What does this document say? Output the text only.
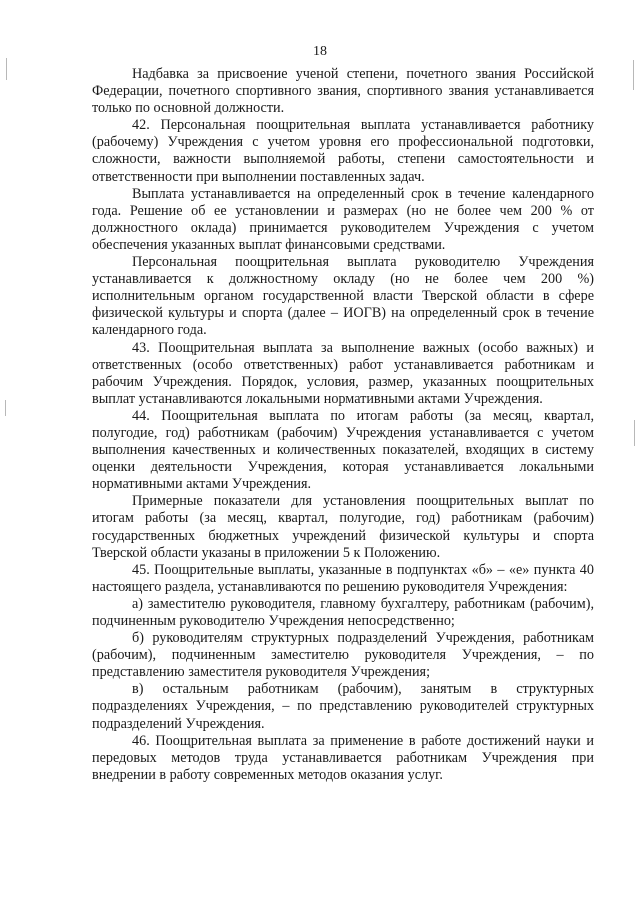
18

Надбавка за присвоение ученой степени, почетного звания Российской Федерации, почетного спортивного звания, спортивного звания устанавливается только по основной должности.

42. Персональная поощрительная выплата устанавливается работнику (рабочему) Учреждения с учетом уровня его профессиональной подготовки, сложности, важности выполняемой работы, степени самостоятельности и ответственности при выполнении поставленных задач.

Выплата устанавливается на определенный срок в течение календарного года. Решение об ее установлении и размерах (но не более чем 200 % от должностного оклада) принимается руководителем Учреждения с учетом обеспечения указанных выплат финансовыми средствами.

Персональная поощрительная выплата руководителю Учреждения устанавливается к должностному окладу (но не более чем 200 %) исполнительным органом государственной власти Тверской области в сфере физической культуры и спорта (далее – ИОГВ) на определенный срок в течение календарного года.

43. Поощрительная выплата за выполнение важных (особо важных) и ответственных (особо ответственных) работ устанавливается работникам и рабочим Учреждения. Порядок, условия, размер, указанных поощрительных выплат устанавливаются локальными нормативными актами Учреждения.

44. Поощрительная выплата по итогам работы (за месяц, квартал, полугодие, год) работникам (рабочим) Учреждения устанавливается с учетом выполнения качественных и количественных показателей, входящих в систему оценки деятельности Учреждения, которая устанавливается локальными нормативными актами Учреждения.

Примерные показатели для установления поощрительных выплат по итогам работы (за месяц, квартал, полугодие, год) работникам (рабочим) государственных бюджетных учреждений физической культуры и спорта Тверской области указаны в приложении 5 к Положению.

45. Поощрительные выплаты, указанные в подпунктах «б» – «е» пункта 40 настоящего раздела, устанавливаются по решению руководителя Учреждения:

а) заместителю руководителя, главному бухгалтеру, работникам (рабочим), подчиненным руководителю Учреждения непосредственно;

б) руководителям структурных подразделений Учреждения, работникам (рабочим), подчиненным заместителю руководителя Учреждения, – по представлению заместителя руководителя Учреждения;

в) остальным работникам (рабочим), занятым в структурных подразделениях Учреждения, – по представлению руководителей структурных подразделений Учреждения.

46. Поощрительная выплата за применение в работе достижений науки и передовых методов труда устанавливается работникам Учреждения при внедрении в работу современных методов оказания услуг.
